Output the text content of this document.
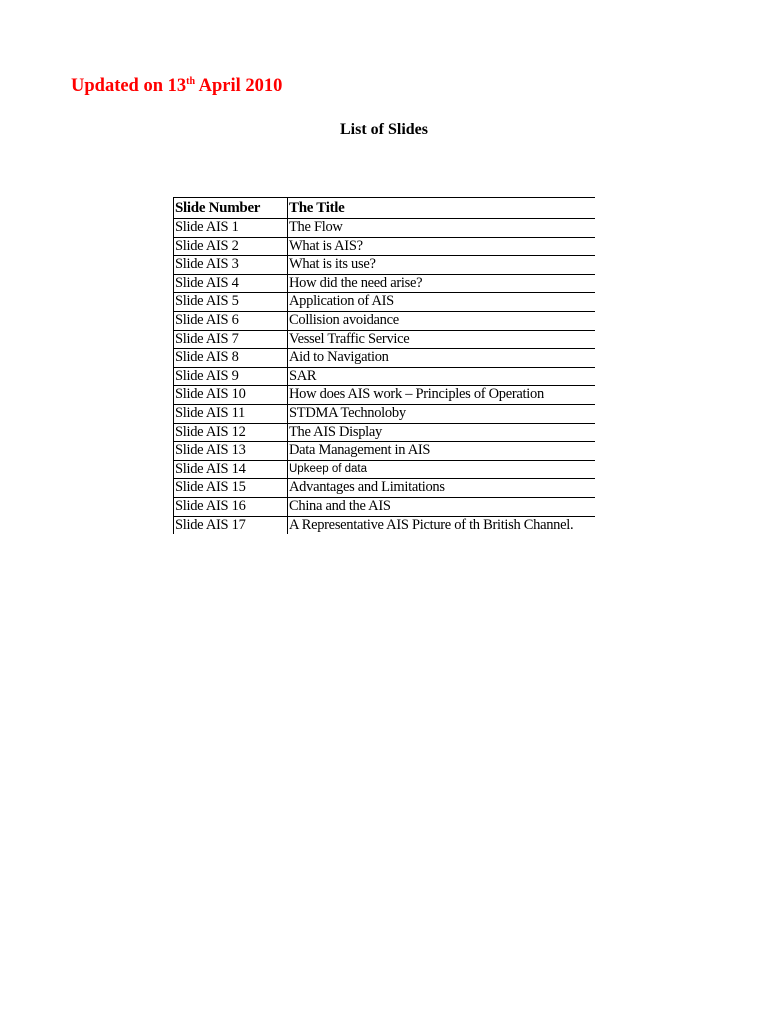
Updated on 13th April 2010
List of Slides
Slide Number	The Title
Slide AIS 1	The Flow
Slide AIS 2	What is AIS?
Slide AIS 3	What is its use?
Slide AIS 4	How did the need arise?
Slide AIS 5	Application of AIS
Slide AIS 6	Collision avoidance
Slide AIS 7	Vessel Traffic Service
Slide AIS 8	Aid to Navigation
Slide AIS 9	SAR
Slide AIS 10	How does AIS work – Principles of Operation
Slide AIS 11	STDMA Technoloby
Slide AIS 12	The AIS Display
Slide AIS 13	Data Management in AIS
Slide AIS 14	Upkeep of data
Slide AIS 15	Advantages and Limitations
Slide AIS 16	China and the AIS
Slide AIS 17	A Representative AIS Picture of th British Channel.
